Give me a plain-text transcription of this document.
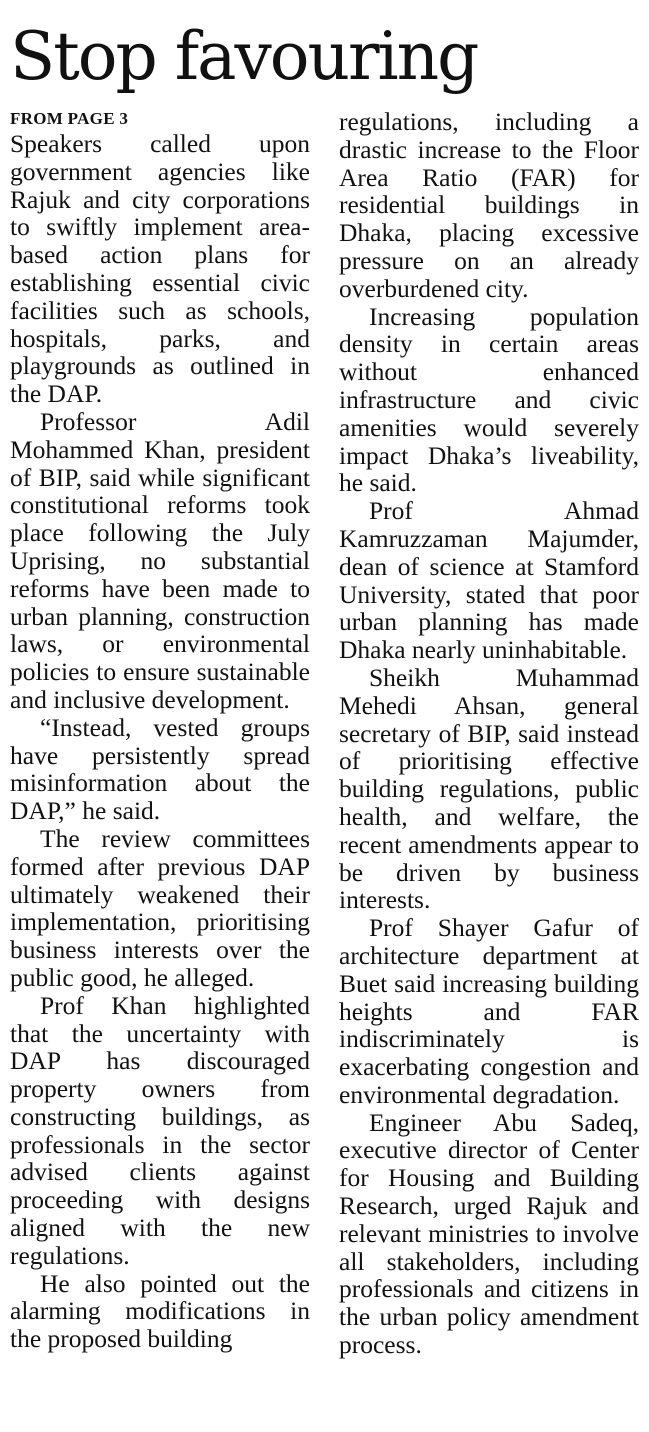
Stop favouring
FROM PAGE 3

Speakers called upon government agencies like Rajuk and city corporations to swiftly implement area-based action plans for establishing essential civic facilities such as schools, hospitals, parks, and playgrounds as outlined in the DAP.

Professor Adil Mohammed Khan, president of BIP, said while significant constitutional reforms took place following the July Uprising, no substantial reforms have been made to urban planning, construction laws, or environmental policies to ensure sustainable and inclusive development.

“Instead, vested groups have persistently spread misinformation about the DAP,” he said.

The review committees formed after previous DAP ultimately weakened their implementation, prioritising business interests over the public good, he alleged.

Prof Khan highlighted that the uncertainty with DAP has discouraged property owners from constructing buildings, as professionals in the sector advised clients against proceeding with designs aligned with the new regulations.

He also pointed out the alarming modifications in the proposed building

regulations, including a drastic increase to the Floor Area Ratio (FAR) for residential buildings in Dhaka, placing excessive pressure on an already overburdened city.

Increasing population density in certain areas without enhanced infrastructure and civic amenities would severely impact Dhaka’s liveability, he said.

Prof Ahmad Kamruzzaman Majumder, dean of science at Stamford University, stated that poor urban planning has made Dhaka nearly uninhabitable.

Sheikh Muhammad Mehedi Ahsan, general secretary of BIP, said instead of prioritising effective building regulations, public health, and welfare, the recent amendments appear to be driven by business interests.

Prof Shayer Gafur of architecture department at Buet said increasing building heights and FAR indiscriminately is exacerbating congestion and environmental degradation.

Engineer Abu Sadeq, executive director of Center for Housing and Building Research, urged Rajuk and relevant ministries to involve all stakeholders, including professionals and citizens in the urban policy amendment process.
